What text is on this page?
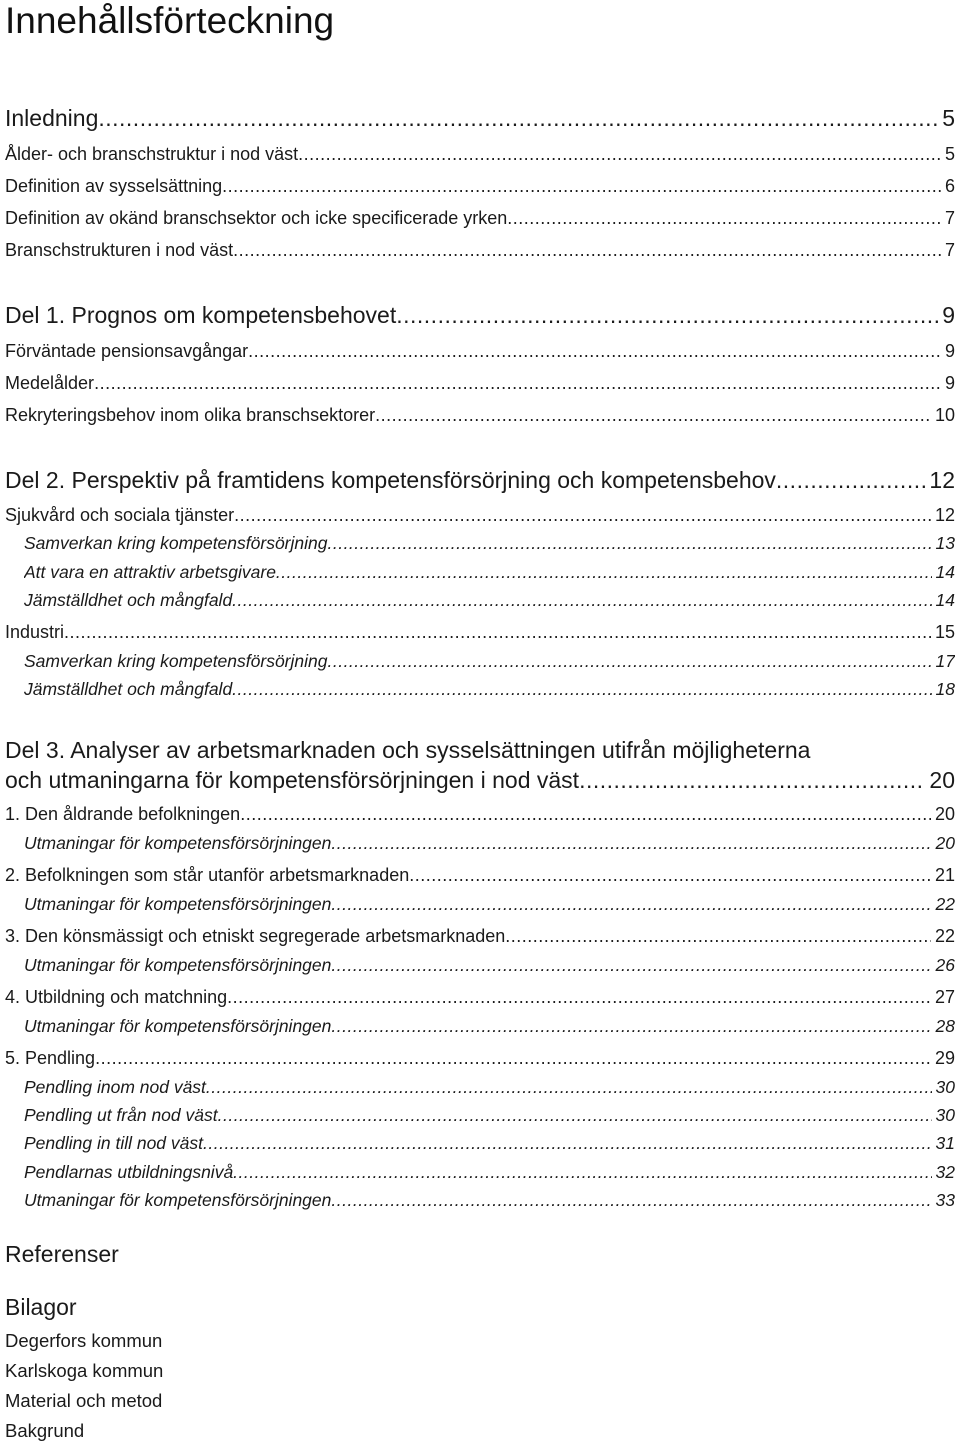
Innehållsförteckning
Inledning .....	5
Ålder- och branschstruktur i nod väst .....	5
Definition av sysselsättning .....	6
Definition av okänd branschsektor och icke specificerade yrken .....	7
Branschstrukturen i nod väst .....	7
Del 1. Prognos om kompetensbehovet .....	9
Förväntade pensionsavgångar .....	9
Medelålder .....	9
Rekryteringsbehov inom olika branschsektorer .....	10
Del 2. Perspektiv på framtidens kompetensförsörjning och kompetensbehov .....	12
Sjukvård och sociala tjänster .....	12
Samverkan kring kompetensförsörjning .....	13
Att vara en attraktiv arbetsgivare .....	14
Jämställdhet och mångfald .....	14
Industri .....	15
Samverkan kring kompetensförsörjning .....	17
Jämställdhet och mångfald .....	18
Del 3. Analyser av arbetsmarknaden och sysselsättningen utifrån möjligheterna
och utmaningarna för kompetensförsörjningen i nod väst .....	20
1. Den åldrande befolkningen .....	20
Utmaningar för kompetensförsörjningen .....	20
2. Befolkningen som står utanför arbetsmarknaden .....	21
Utmaningar för kompetensförsörjningen .....	22
3. Den könsmässigt och etniskt segregerade arbetsmarknaden .....	22
Utmaningar för kompetensförsörjningen .....	26
4. Utbildning och matchning .....	27
Utmaningar för kompetensförsörjningen .....	28
5. Pendling .....	29
Pendling inom nod väst .....	30
Pendling ut från nod väst .....	30
Pendling in till nod väst .....	31
Pendlarnas utbildningsnivå .....	32
Utmaningar för kompetensförsörjningen .....	33
Referenser
Bilagor
Degerfors kommun
Karlskoga kommun
Material och metod
Bakgrund
